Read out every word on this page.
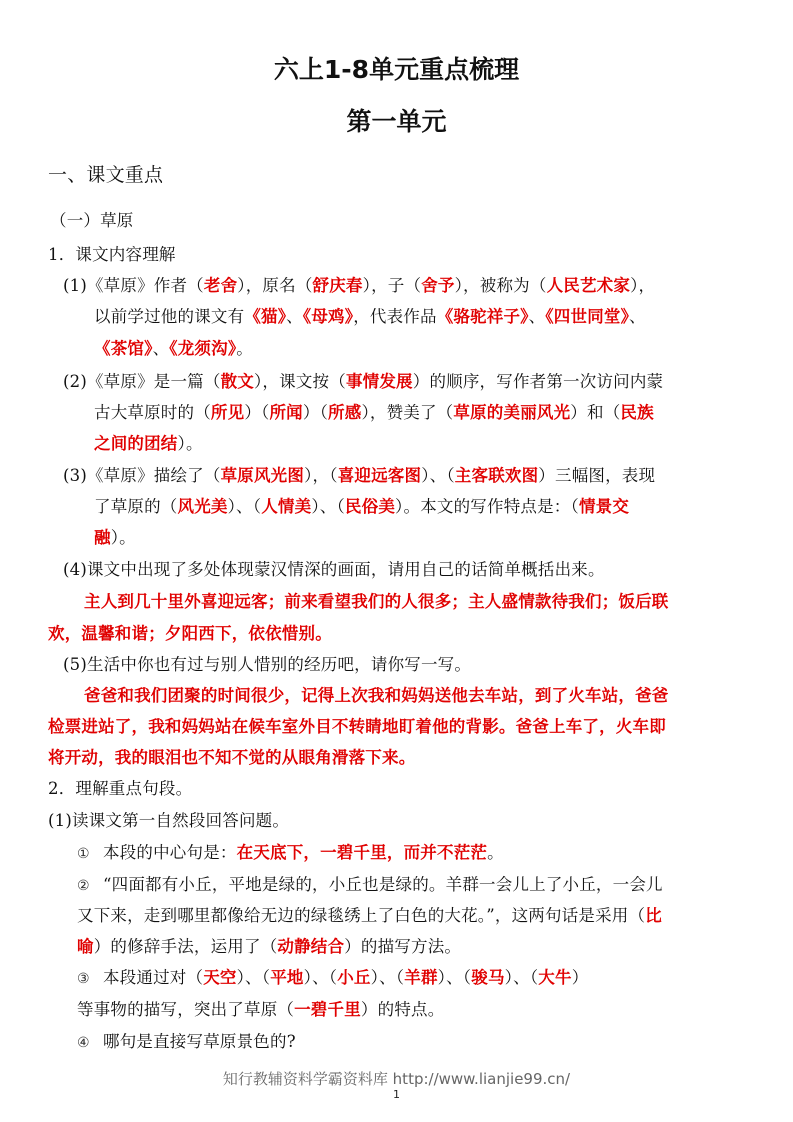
六上1-8单元重点梳理
第一单元
一、课文重点
（一）草原
1．课文内容理解
(1)《草原》作者（老舍），原名（舒庆春），子（舍予），被称为（人民艺术家），
以前学过他的课文有《猫》、《母鸡》，代表作品《骆驼祥子》、《四世同堂》、
《茶馆》、《龙须沟》。
(2)《草原》是一篇（散文），课文按（事情发展）的顺序，写作者第一次访问内蒙
古大草原时的（所见）（所闻）（所感），赞美了（草原的美丽风光）和（民族
之间的团结）。
(3)《草原》描绘了（草原风光图），（喜迎远客图）、（主客联欢图）三幅图，表现
了草原的（风光美）、（人情美）、（民俗美）。本文的写作特点是：（情景交
融）。
(4)课文中出现了多处体现蒙汉情深的画面，请用自己的话简单概括出来。
主人到几十里外喜迎远客；前来看望我们的人很多；主人盛情款待我们；饭后联
欢，温馨和谐；夕阳西下，依依惜别。
(5)生活中你也有过与别人惜别的经历吧，请你写一写。
爸爸和我们团聚的时间很少，记得上次我和妈妈送他去车站，到了火车站，爸爸
检票进站了，我和妈妈站在候车室外目不转睛地盯着他的背影。爸爸上车了，火车即
将开动，我的眼泪也不知不觉的从眼角滑落下来。
2．理解重点句段。
(1)读课文第一自然段回答问题。
① 本段的中心句是：在天底下，一碧千里，而并不茫茫。
② “四面都有小丘，平地是绿的，小丘也是绿的。羊群一会儿上了小丘，一会儿
又下来，走到哪里都像给无边的绿毯绣上了白色的大花。”，这两句话是采用（比
喻）的修辞手法，运用了（动静结合）的描写方法。
③ 本段通过对（天空）、（平地）、（小丘）、（羊群）、（骏马）、（大牛）
等事物的描写，突出了草原（一碧千里）的特点。
④ 哪句是直接写草原景色的?
知行教辅资料学霸资料库 http://www.lianjie99.cn/
1
